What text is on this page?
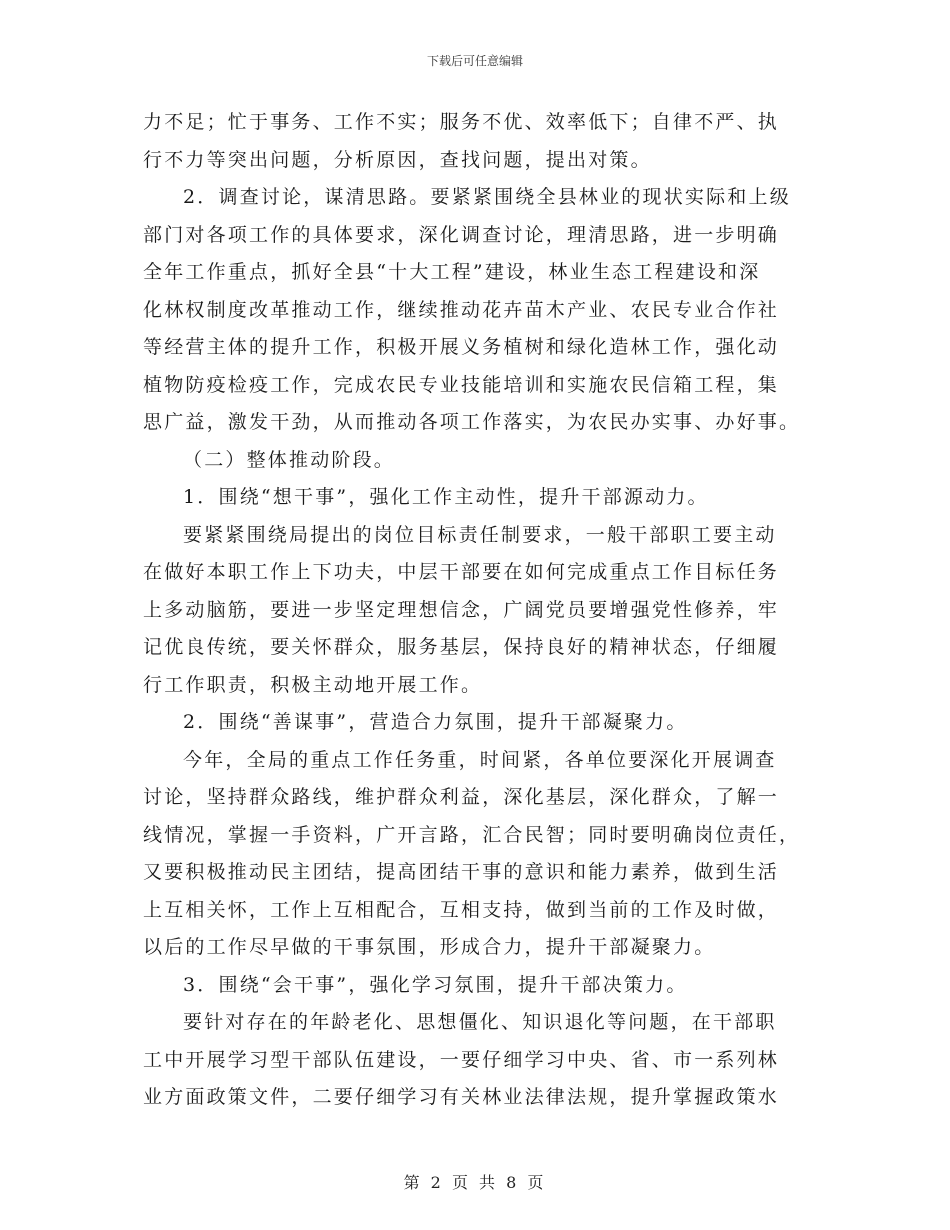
下载后可任意编辑
力不足；忙于事务、工作不实；服务不优、效率低下；自律不严、执
行不力等突出问题，分析原因，查找问题，提出对策。
2．调查讨论，谋清思路。要紧紧围绕全县林业的现状实际和上级
部门对各项工作的具体要求，深化调查讨论，理清思路，进一步明确
全年工作重点，抓好全县“十大工程”建设，林业生态工程建设和深
化林权制度改革推动工作，继续推动花卉苗木产业、农民专业合作社
等经营主体的提升工作，积极开展义务植树和绿化造林工作，强化动
植物防疫检疫工作，完成农民专业技能培训和实施农民信箱工程，集
思广益，激发干劲，从而推动各项工作落实，为农民办实事、办好事。
（二）整体推动阶段。
1．围绕“想干事”，强化工作主动性，提升干部源动力。
要紧紧围绕局提出的岗位目标责任制要求，一般干部职工要主动
在做好本职工作上下功夫，中层干部要在如何完成重点工作目标任务
上多动脑筋，要进一步坚定理想信念，广阔党员要增强党性修养，牢
记优良传统，要关怀群众，服务基层，保持良好的精神状态，仔细履
行工作职责，积极主动地开展工作。
2．围绕“善谋事”，营造合力氛围，提升干部凝聚力。
今年，全局的重点工作任务重，时间紧，各单位要深化开展调查
讨论，坚持群众路线，维护群众利益，深化基层，深化群众，了解一
线情况，掌握一手资料，广开言路，汇合民智；同时要明确岗位责任，
又要积极推动民主团结，提高团结干事的意识和能力素养，做到生活
上互相关怀，工作上互相配合，互相支持，做到当前的工作及时做，
以后的工作尽早做的干事氛围，形成合力，提升干部凝聚力。
3．围绕“会干事”，强化学习氛围，提升干部决策力。
要针对存在的年龄老化、思想僵化、知识退化等问题，在干部职
工中开展学习型干部队伍建设，一要仔细学习中央、省、市一系列林
业方面政策文件，二要仔细学习有关林业法律法规，提升掌握政策水
第 2 页 共 8 页
